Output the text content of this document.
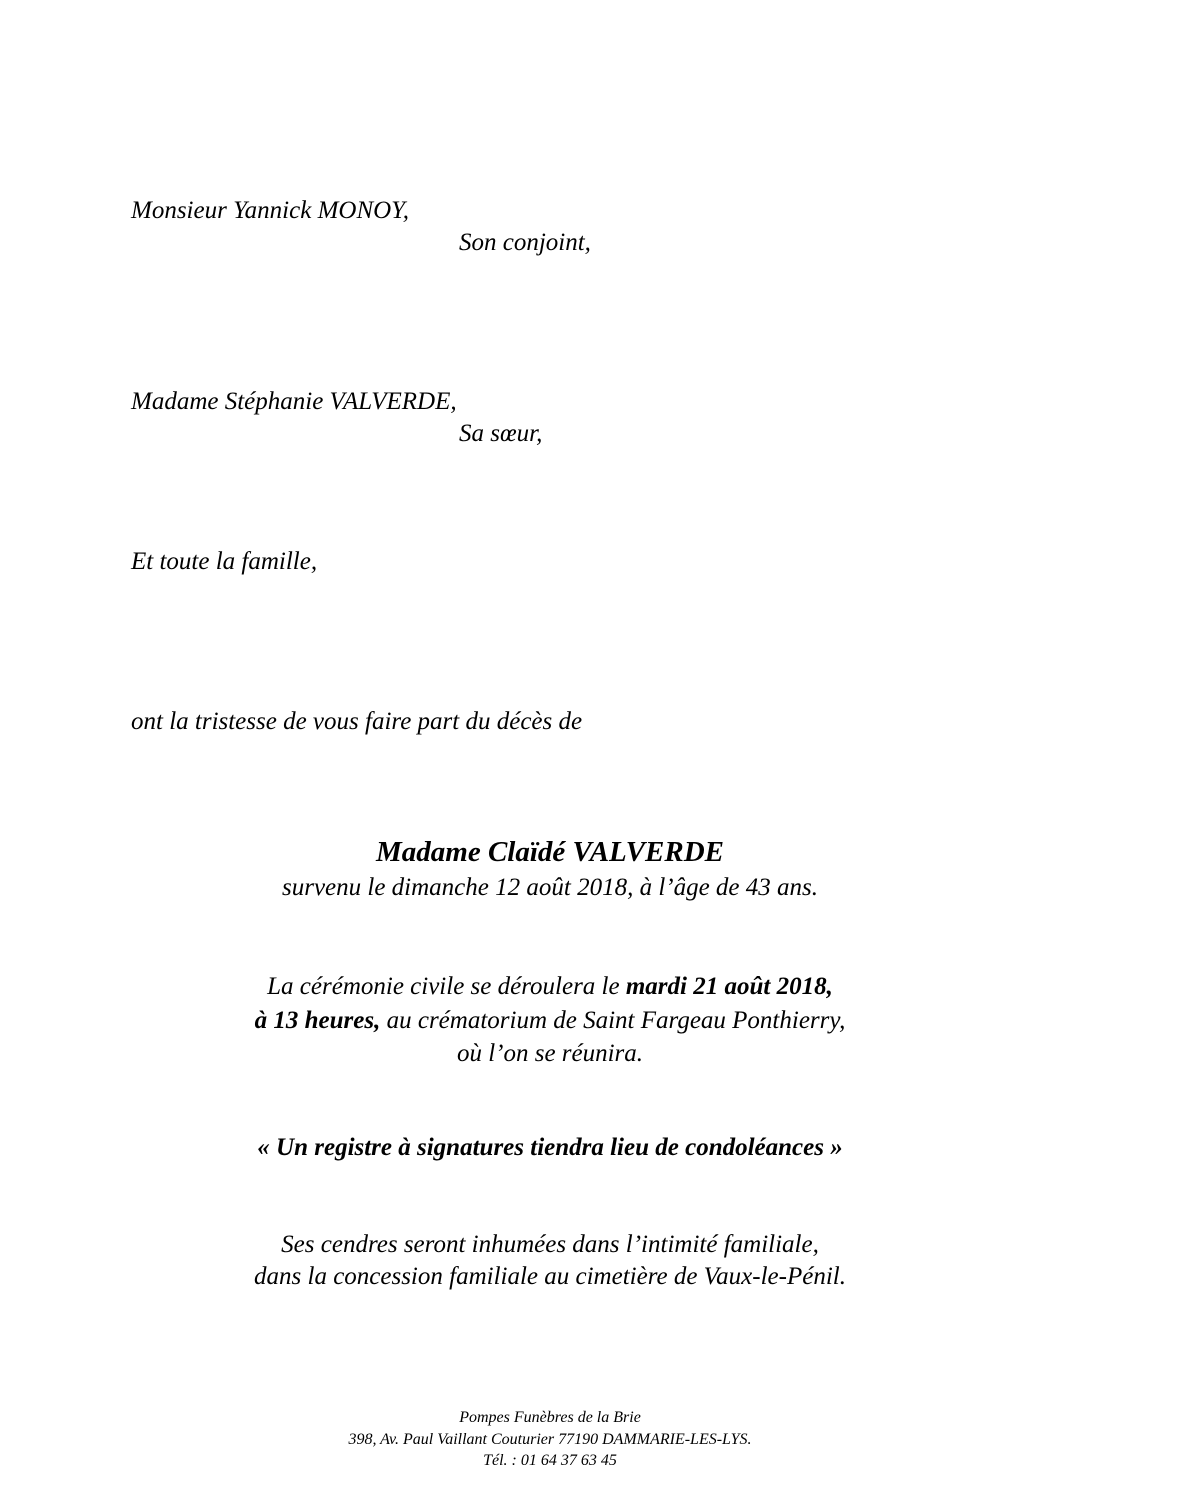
Monsieur Yannick MONOY,
Son conjoint,
Madame Stéphanie VALVERDE,
Sa sœur,
Et toute la famille,
ont la tristesse de vous faire part du décès de
Madame Claïdé VALVERDE
survenu le dimanche 12 août 2018, à l’âge de 43 ans.
La cérémonie civile se déroulera le mardi 21 août 2018,
à 13 heures, au crématorium de Saint Fargeau Ponthierry,
où l’on se réunira.
« Un registre à signatures tiendra lieu de condoléances »
Ses cendres seront inhumées dans l’intimité familiale,
dans la concession familiale au cimetière de Vaux-le-Pénil.
Pompes Funèbres de la Brie
398, Av. Paul Vaillant Couturier 77190 DAMMARIE-LES-LYS.
Tél. : 01 64 37 63 45
